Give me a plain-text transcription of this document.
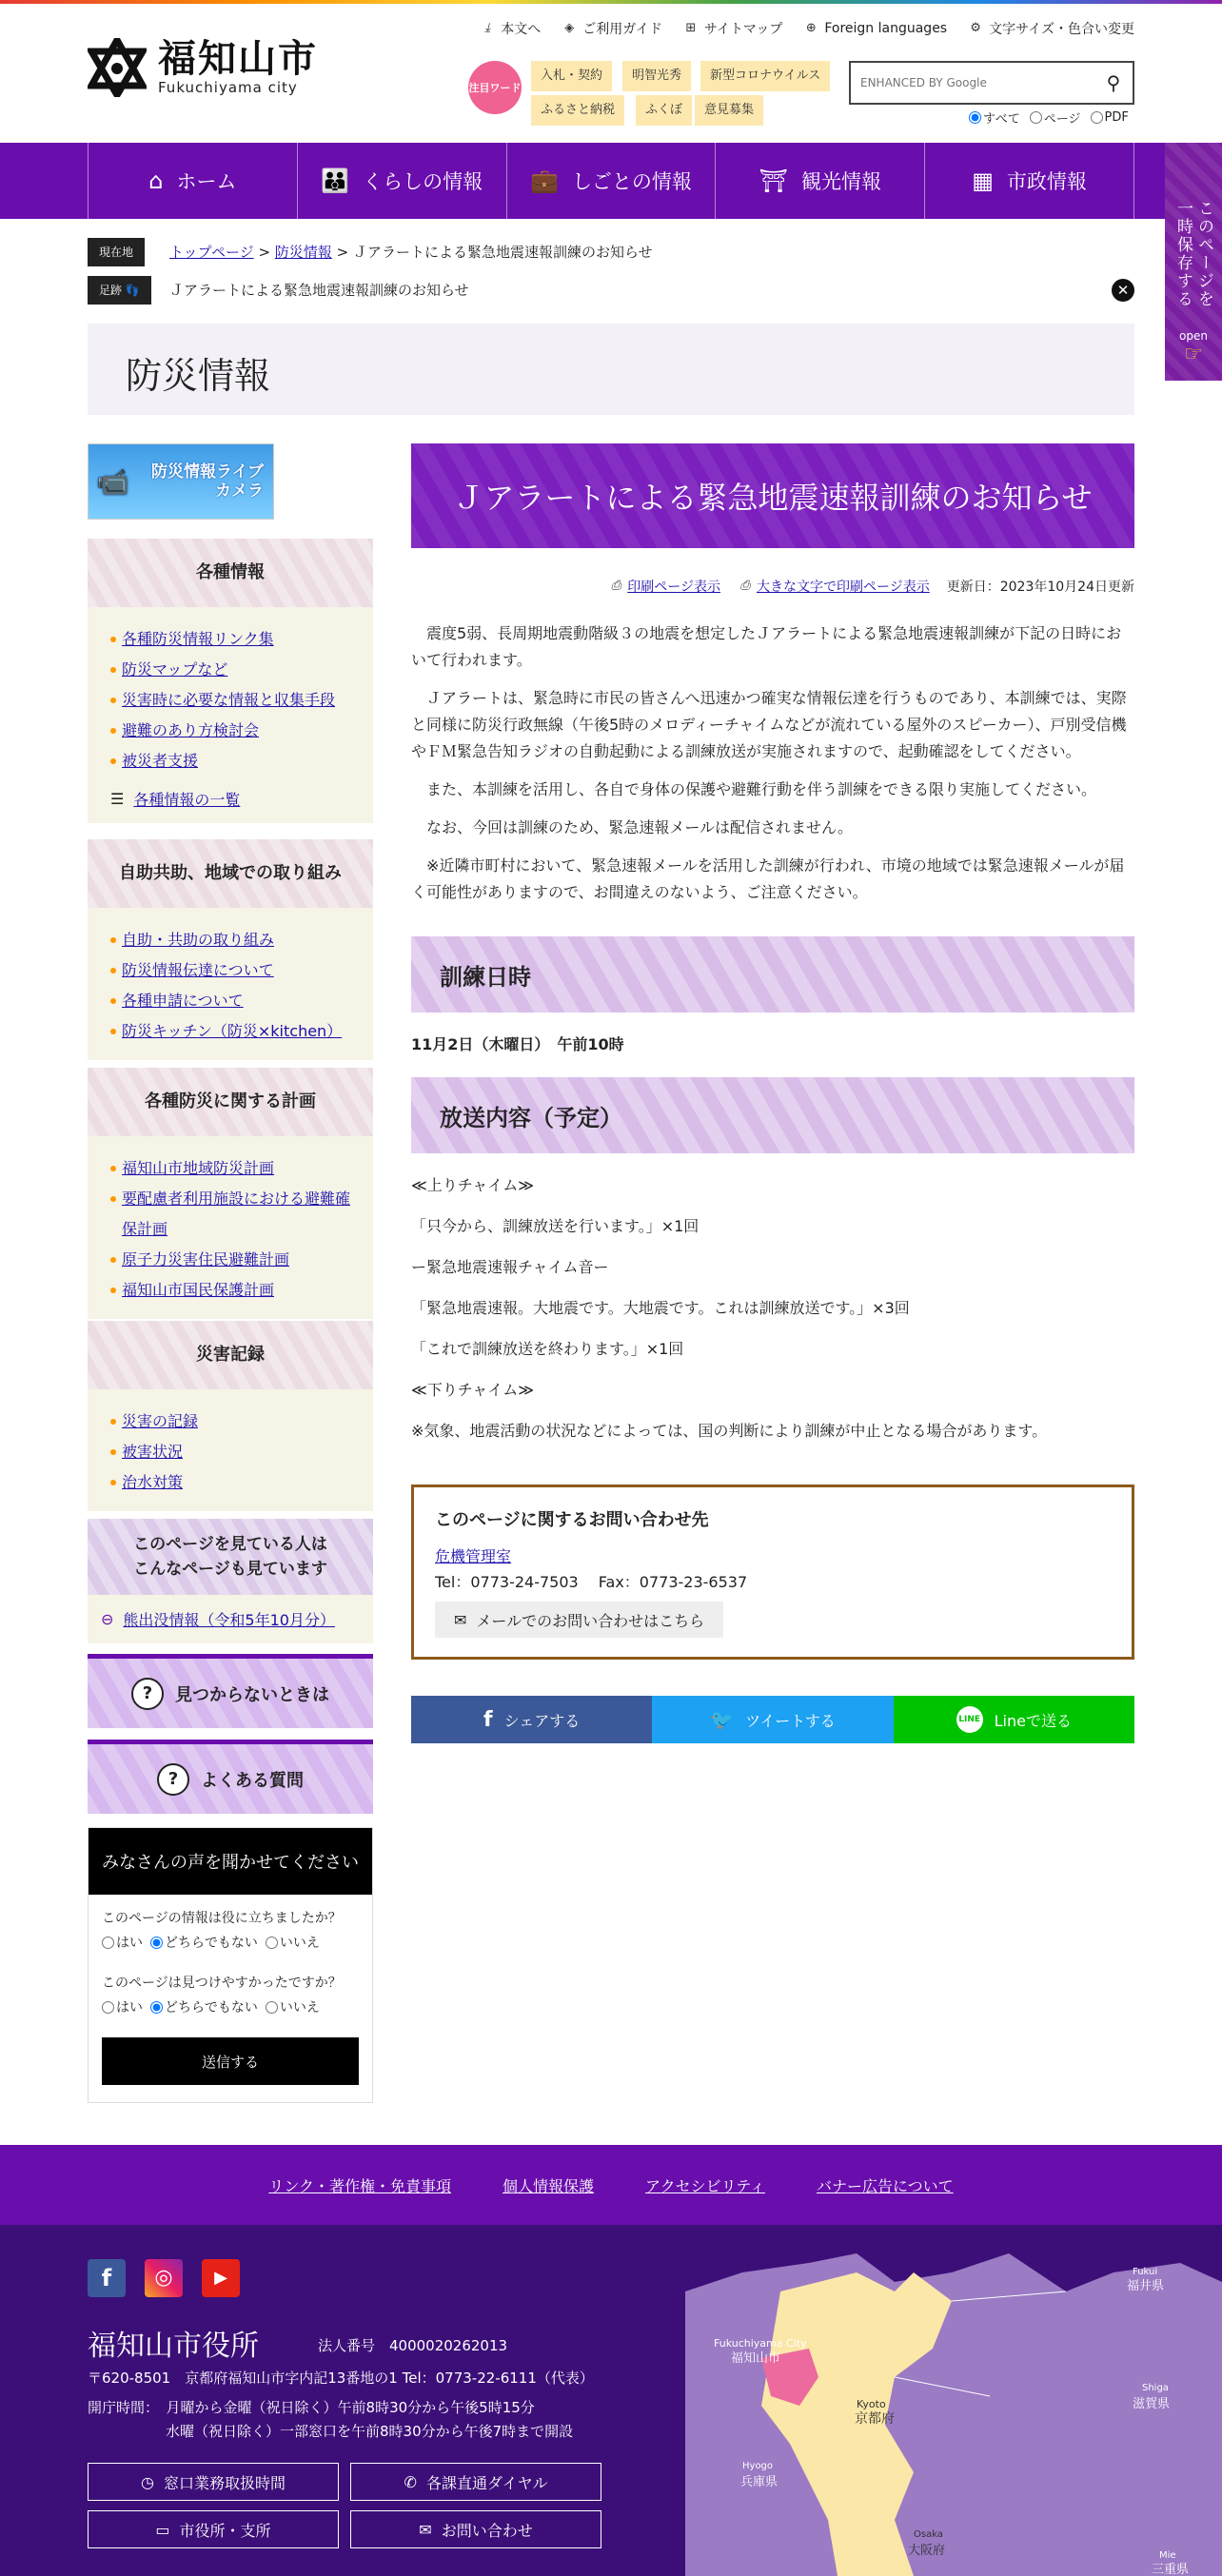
福知山市
Fukuchiyama city
⤓ 本文へ ◈ ご利用ガイド ⊞ サイトマップ ⊕ Foreign languages ⚙ 文字サイズ・色合い変更
注目ワード
入札・契約	明智光秀	新型コロナウイルス
ふるさと納税	ふくぼ	意見募集
ENHANCED BY Google
⚲
すべて ページ PDF
⌂ ホーム	👪 くらしの情報 💼 しごとの情報	⛩ 観光情報	▦ 市政情報
このページを一時保存する
open
☞
現在地	トップページ > 防災情報 > Ｊアラートによる緊急地震速報訓練のお知らせ
足跡 👣	Ｊアラートによる緊急地震速報訓練のお知らせ	✕
防災情報
📹 防災情報ライブカメラ
各種情報
各種防災情報リンク集
防災マップなど
災害時に必要な情報と収集手段
避難のあり方検討会
被災者支援
☰ 各種情報の一覧
自助共助、地域での取り組み
自助・共助の取り組み
防災情報伝達について
各種申請について
防災キッチン（防災×kitchen）
各種防災に関する計画
福知山市地域防災計画
要配慮者利用施設における避難確保計画
原子力災害住民避難計画
福知山市国民保護計画
災害記録
災害の記録
被害状況
治水対策
このページを見ている人は
こんなページも見ています
⊖ 熊出没情報（令和5年10月分）
?	見つからないときは
?	よくある質問
みなさんの声を聞かせてください

このページの情報は役に立ちましたか？

はい どちらでもない いいえ

このページは見つけやすかったですか？

はい どちらでもない いいえ
送信する
Ｊアラートによる緊急地震速報訓練のお知らせ
⎙ 印刷ページ表示 ⎙ 大きな文字で印刷ページ表示 更新日：2023年10月24日更新

震度5弱、長周期地震動階級３の地震を想定したＪアラートによる緊急地震速報訓練が下記の日時において行われます。

Ｊアラートは、緊急時に市民の皆さんへ迅速かつ確実な情報伝達を行うものであり、本訓練では、実際と同様に防災行政無線（午後5時のメロディーチャイムなどが流れている屋外のスピーカー）、戸別受信機やＦＭ緊急告知ラジオの自動起動による訓練放送が実施されますので、起動確認をしてください。

また、本訓練を活用し、各自で身体の保護や避難行動を伴う訓練をできる限り実施してください。

なお、今回は訓練のため、緊急速報メールは配信されません。

※近隣市町村において、緊急速報メールを活用した訓練が行われ、市境の地域では緊急速報メールが届く可能性がありますので、お間違えのないよう、ご注意ください。

訓練日時
11月2日（木曜日）　午前10時
放送内容（予定）

≪上りチャイム≫

「只今から、訓練放送を行います。」×1回

ー緊急地震速報チャイム音ー

「緊急地震速報。大地震です。大地震です。これは訓練放送です。」×3回

「これで訓練放送を終わります。」×1回

≪下りチャイム≫

※気象、地震活動の状況などによっては、国の判断により訓練が中止となる場合があります。

このページに関するお問い合わせ先
危機管理室
Tel：0773-24-7503　 Fax：0773-23-6537
✉ メールでのお問い合わせはこちら
f シェアする	🐦 ツイートする	LINE Lineで送る
リンク・著作権・免責事項	個人情報保護	アクセシビリティ	バナー広告について
f	◎	▶
福知山市役所	法人番号　4000020262013
〒620-8501　京都府福知山市字内記13番地の1 Tel：0773-22-6111（代表）
開庁時間：　 月曜から金曜（祝日除く）午前8時30分から午後5時15分
水曜（祝日除く）一部窓口を午前8時30分から午後7時まで開設
◷ 窓口業務取扱時間	✆ 各課直通ダイヤル
▭ 市役所・支所	✉ お問い合わせ
Fukuchiyama City
福知山市
Kyoto
京都府
Fukui
福井県
Shiga
滋賀県
Hyogo
兵庫県
Osaka
大阪府	Mie
三重県
